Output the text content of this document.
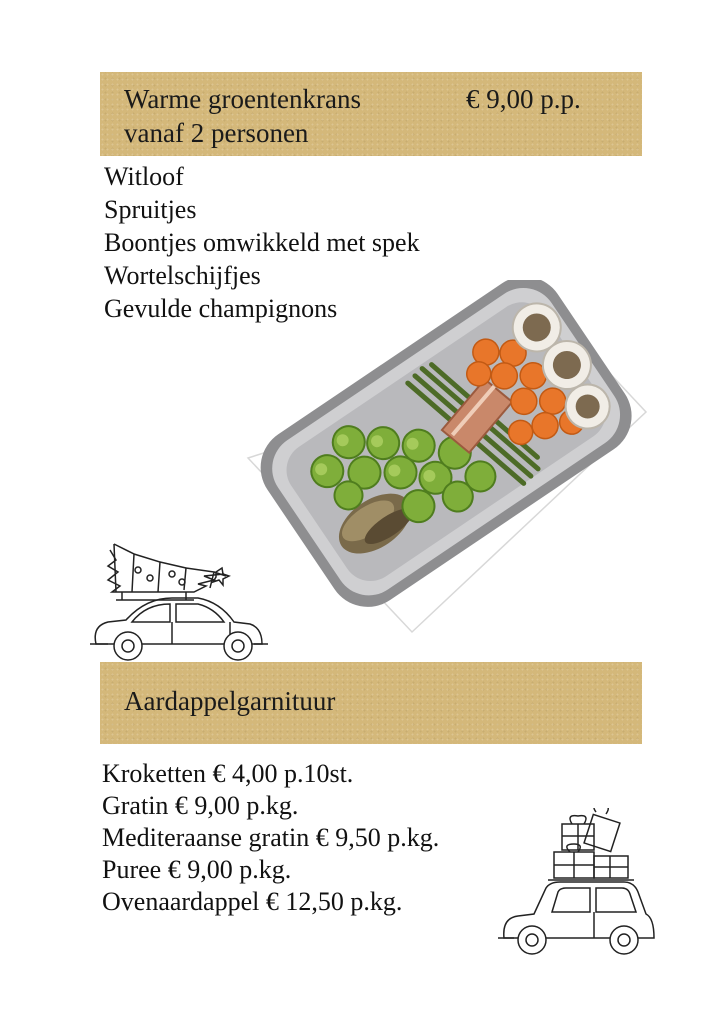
Warme groentenkrans
vanaf 2 personen
€ 9,00 p.p.
Witloof
Spruitjes
Boontjes omwikkeld met spek
Wortelschijfjes
Gevulde champignons
Aardappelgarnituur
Kroketten € 4,00 p.10st.
Gratin € 9,00 p.kg.
Mediteraanse gratin € 9,50 p.kg.
Puree € 9,00 p.kg.
Ovenaardappel € 12,50 p.kg.
